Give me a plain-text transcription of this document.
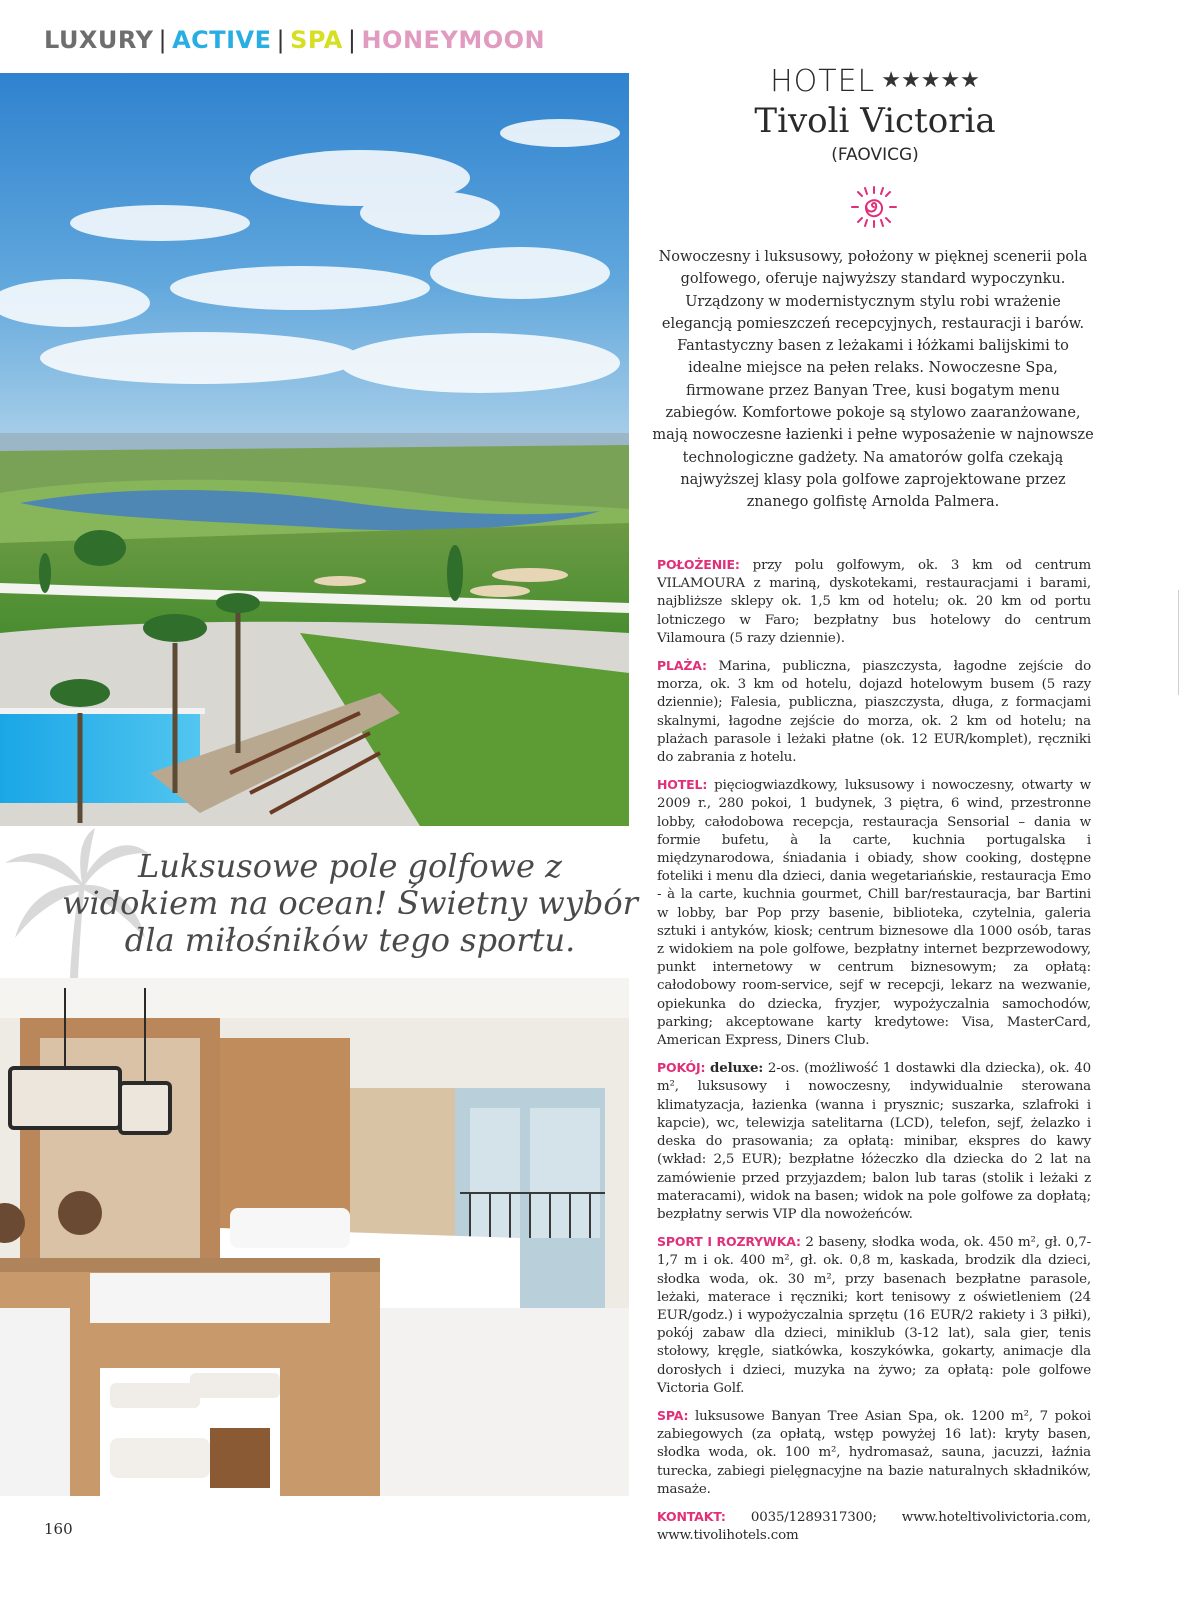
LUXURY | ACTIVE | SPA | HONEYMOON
Luksusowe pole golfowe z widokiem na ocean! Świetny wybór dla miłośników tego sportu.
HOTEL ★★★★★
Tivoli Victoria
(FAOVICG)
Nowoczesny i luksusowy, położony w pięknej scenerii pola golfowego, oferuje najwyższy standard wypoczynku. Urządzony w modernistycznym stylu robi wrażenie elegancją pomieszczeń recepcyjnych, restauracji i barów. Fantastyczny basen z leżakami i łóżkami balijskimi to idealne miejsce na pełen relaks. Nowoczesne Spa, firmowane przez Banyan Tree, kusi bogatym menu zabiegów. Komfortowe pokoje są stylowo zaaranżowane, mają nowoczesne łazienki i pełne wyposażenie w najnowsze technologiczne gadżety. Na amatorów golfa czekają najwyższej klasy pola golfowe zaprojektowane przez znanego golfistę Arnolda Palmera.

POŁOŻENIE: przy polu golfowym, ok. 3 km od centrum VILAMOURA z mariną, dyskotekami, restauracjami i barami, najbliższe sklepy ok. 1,5 km od hotelu; ok. 20 km od portu lotniczego w Faro; bezpłatny bus hotelowy do centrum Vilamoura (5 razy dziennie).

PLAŻA: Marina, publiczna, piaszczysta, łagodne zejście do morza, ok. 3 km od hotelu, dojazd hotelowym busem (5 razy dziennie); Falesia, publiczna, piaszczysta, długa, z formacjami skalnymi, łagodne zejście do morza, ok. 2 km od hotelu; na plażach parasole i leżaki płatne (ok. 12 EUR/komplet), ręczniki do zabrania z hotelu.

HOTEL: pięciogwiazdkowy, luksusowy i nowoczesny, otwarty w 2009 r., 280 pokoi, 1 budynek, 3 piętra, 6 wind, przestronne lobby, całodobowa recepcja, restauracja Sensorial – dania w formie bufetu, à la carte, kuchnia portugalska i międzynarodowa, śniadania i obiady, show cooking, dostępne foteliki i menu dla dzieci, dania wegetariańskie, restauracja Emo - à la carte, kuchnia gourmet, Chill bar/restauracja, bar Bartini w lobby, bar Pop przy basenie, biblioteka, czytelnia, galeria sztuki i antyków, kiosk; centrum biznesowe dla 1000 osób, taras z widokiem na pole golfowe, bezpłatny internet bezprzewodowy, punkt internetowy w centrum biznesowym; za opłatą: całodobowy room-service, sejf w recepcji, lekarz na wezwanie, opiekunka do dziecka, fryzjer, wypożyczalnia samochodów, parking; akceptowane karty kredytowe: Visa, MasterCard, American Express, Diners Club.

POKÓJ: deluxe: 2-os. (możliwość 1 dostawki dla dziecka), ok. 40 m², luksusowy i nowoczesny, indywidualnie sterowana klimatyzacja, łazienka (wanna i prysznic; suszarka, szlafroki i kapcie), wc, telewizja satelitarna (LCD), telefon, sejf, żelazko i deska do prasowania; za opłatą: minibar, ekspres do kawy (wkład: 2,5 EUR); bezpłatne łóżeczko dla dziecka do 2 lat na zamówienie przed przyjazdem; balon lub taras (stolik i leżaki z materacami), widok na basen; widok na pole golfowe za dopłatą; bezpłatny serwis VIP dla nowożeńców.

SPORT I ROZRYWKA: 2 baseny, słodka woda, ok. 450 m², gł. 0,7-1,7 m i ok. 400 m², gł. ok. 0,8 m, kaskada, brodzik dla dzieci, słodka woda, ok. 30 m², przy basenach bezpłatne parasole, leżaki, materace i ręczniki; kort tenisowy z oświetleniem (24 EUR/godz.) i wypożyczalnia sprzętu (16 EUR/2 rakiety i 3 piłki), pokój zabaw dla dzieci, miniklub (3-12 lat), sala gier, tenis stołowy, kręgle, siatkówka, koszykówka, gokarty, animacje dla dorosłych i dzieci, muzyka na żywo; za opłatą: pole golfowe Victoria Golf.

SPA: luksusowe Banyan Tree Asian Spa, ok. 1200 m², 7 pokoi zabiegowych (za opłatą, wstęp powyżej 16 lat): kryty basen, słodka woda, ok. 100 m², hydromasaż, sauna, jacuzzi, łaźnia turecka, zabiegi pielęgnacyjne na bazie naturalnych składników, masaże.

KONTAKT: 0035/1289317300; www.hoteltivolivictoria.com, www.tivolihotels.com

160
